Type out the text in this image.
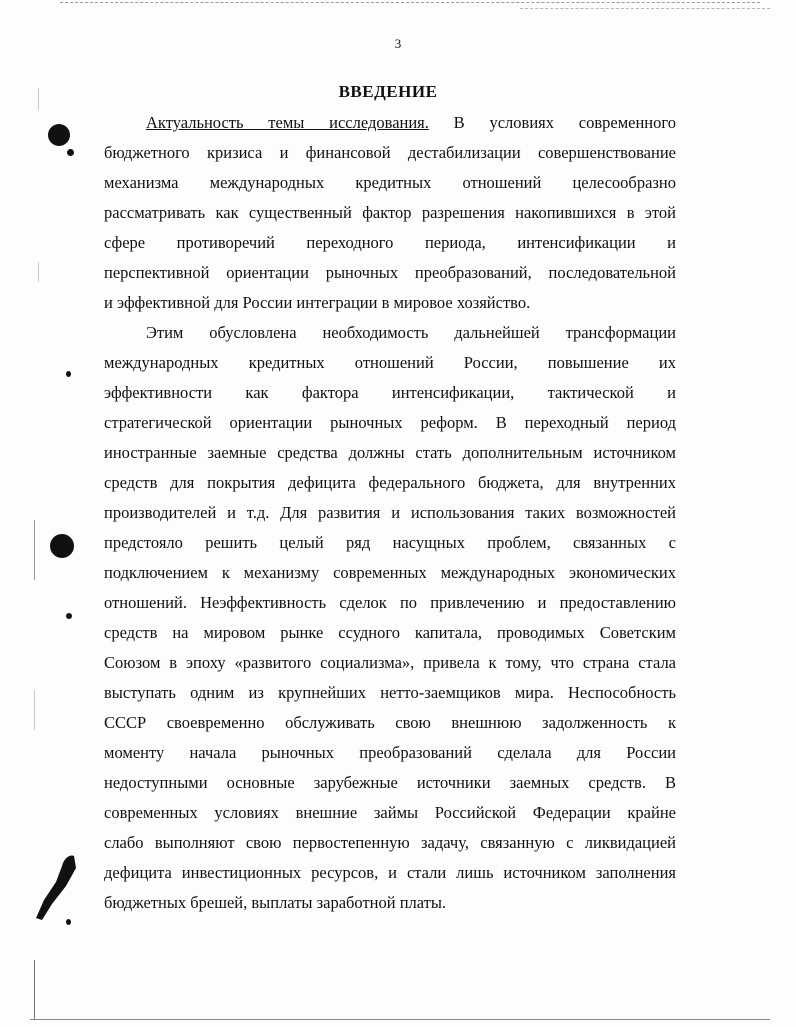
3
ВВЕДЕНИЕ
Актуальность темы исследования. В условиях современного
бюджетного кризиса и финансовой дестабилизации совершенствование
механизма международных кредитных отношений целесообразно
рассматривать как существенный фактор разрешения накопившихся в этой
сфере противоречий переходного периода, интенсификации и
перспективной ориентации рыночных преобразований, последовательной
и эффективной для России интеграции в мировое хозяйство.
Этим обусловлена необходимость дальнейшей трансформации
международных кредитных отношений России, повышение их
эффективности как фактора интенсификации, тактической и
стратегической ориентации рыночных реформ. В переходный период
иностранные заемные средства должны стать дополнительным источником
средств для покрытия дефицита федерального бюджета, для внутренних
производителей и т.д. Для развития и использования таких возможностей
предстояло решить целый ряд насущных проблем, связанных с
подключением к механизму современных международных экономических
отношений. Неэффективность сделок по привлечению и предоставлению
средств на мировом рынке ссудного капитала, проводимых Советским
Союзом в эпоху «развитого социализма», привела к тому, что страна стала
выступать одним из крупнейших нетто-заемщиков мира. Неспособность
СССР своевременно обслуживать свою внешнюю задолженность к
моменту начала рыночных преобразований сделала для России
недоступными основные зарубежные источники заемных средств. В
современных условиях внешние займы Российской Федерации крайне
слабо выполняют свою первостепенную задачу, связанную с ликвидацией
дефицита инвестиционных ресурсов, и стали лишь источником заполнения
бюджетных брешей, выплаты заработной платы.
